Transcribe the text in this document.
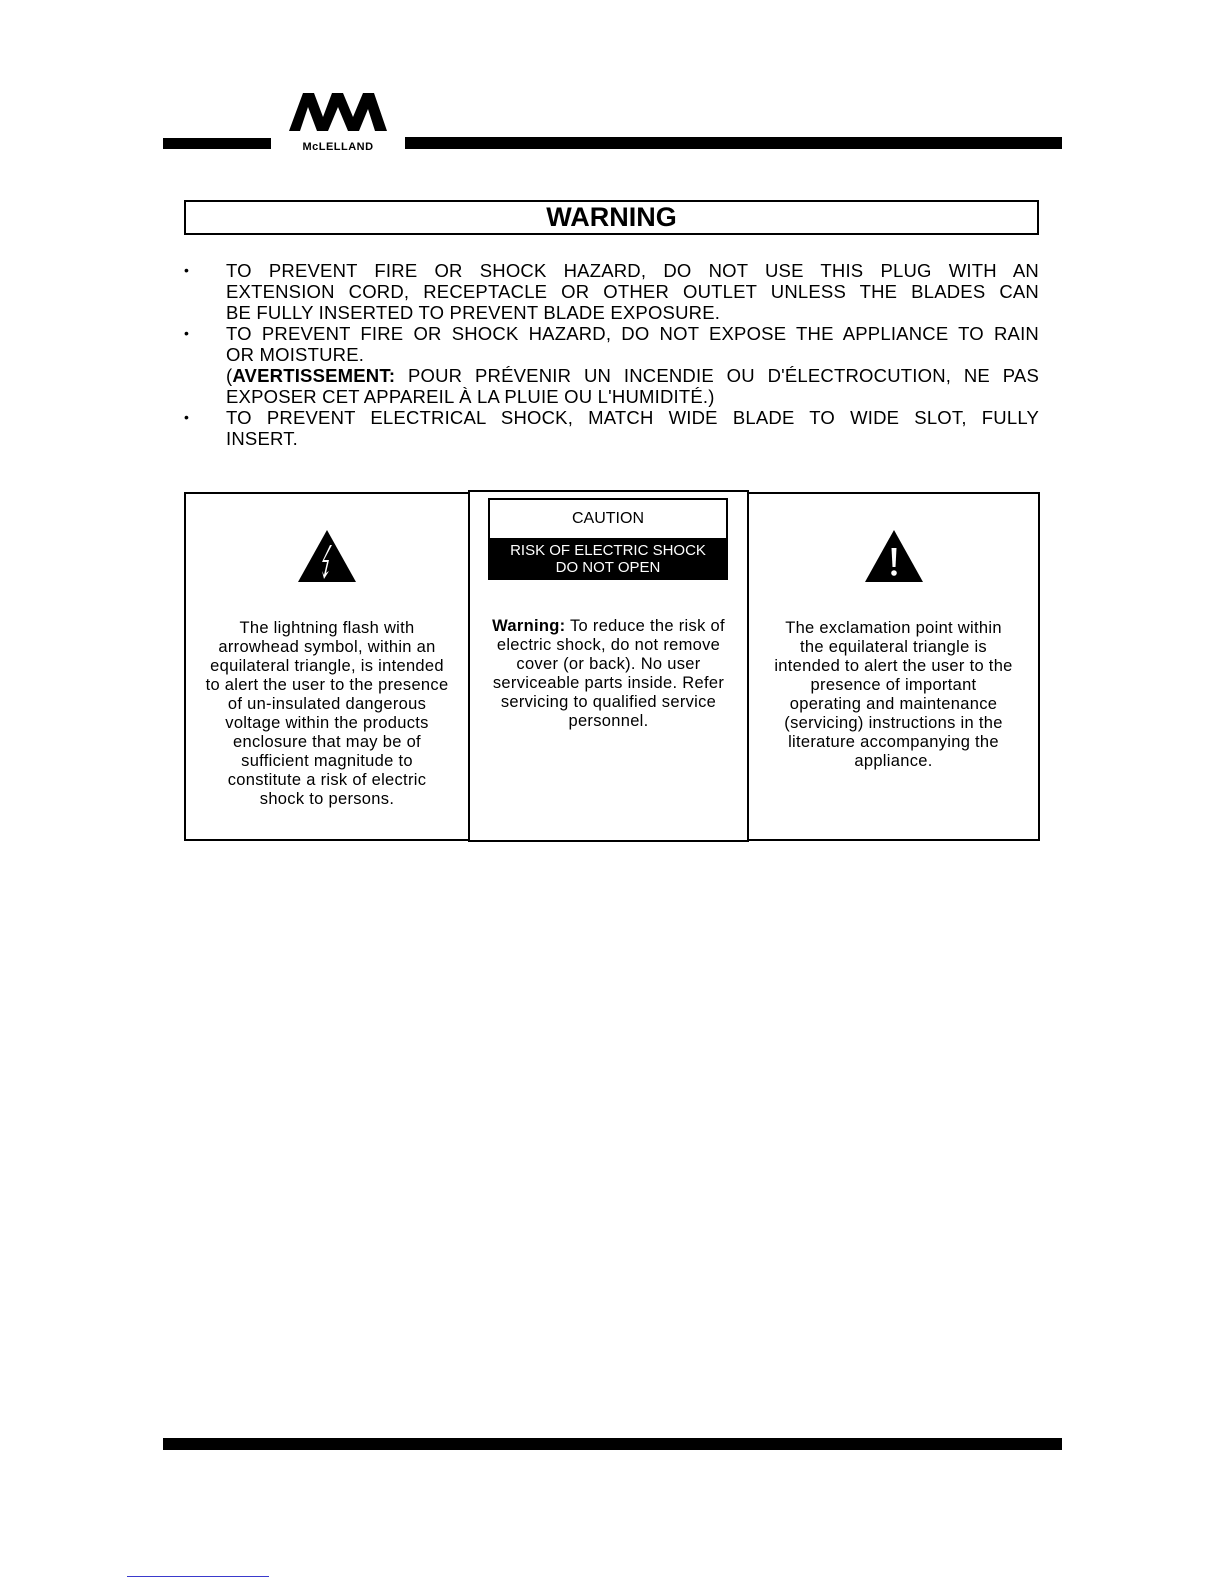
McLELLAND
WARNING
• TO PREVENT FIRE OR SHOCK HAZARD, DO NOT USE THIS PLUG WITH AN
EXTENSION CORD, RECEPTACLE OR OTHER OUTLET UNLESS THE BLADES CAN
BE FULLY INSERTED TO PREVENT BLADE EXPOSURE.
• TO PREVENT FIRE OR SHOCK HAZARD, DO NOT EXPOSE THE APPLIANCE TO RAIN
OR MOISTURE.
(AVERTISSEMENT: POUR PRÉVENIR UN INCENDIE OU D'ÉLECTROCUTION, NE PAS
EXPOSER CET APPAREIL À LA PLUIE OU L'HUMIDITÉ.)
• TO PREVENT ELECTRICAL SHOCK, MATCH WIDE BLADE TO WIDE SLOT, FULLY
INSERT.
The lightning flash with
arrowhead symbol, within an
equilateral triangle, is intended
to alert the user to the presence
of un-insulated dangerous
voltage within the products
enclosure that may be of
sufficient magnitude to
constitute a risk of electric
shock to persons.
CAUTION
RISK OF ELECTRIC SHOCK
DO NOT OPEN
Warning: To reduce the risk of
electric shock, do not remove
cover (or back). No user
serviceable parts inside. Refer
servicing to qualified service
personnel.
The exclamation point within
the equilateral triangle is
intended to alert the user to the
presence of important
operating and maintenance
(servicing) instructions in the
literature accompanying the
appliance.
